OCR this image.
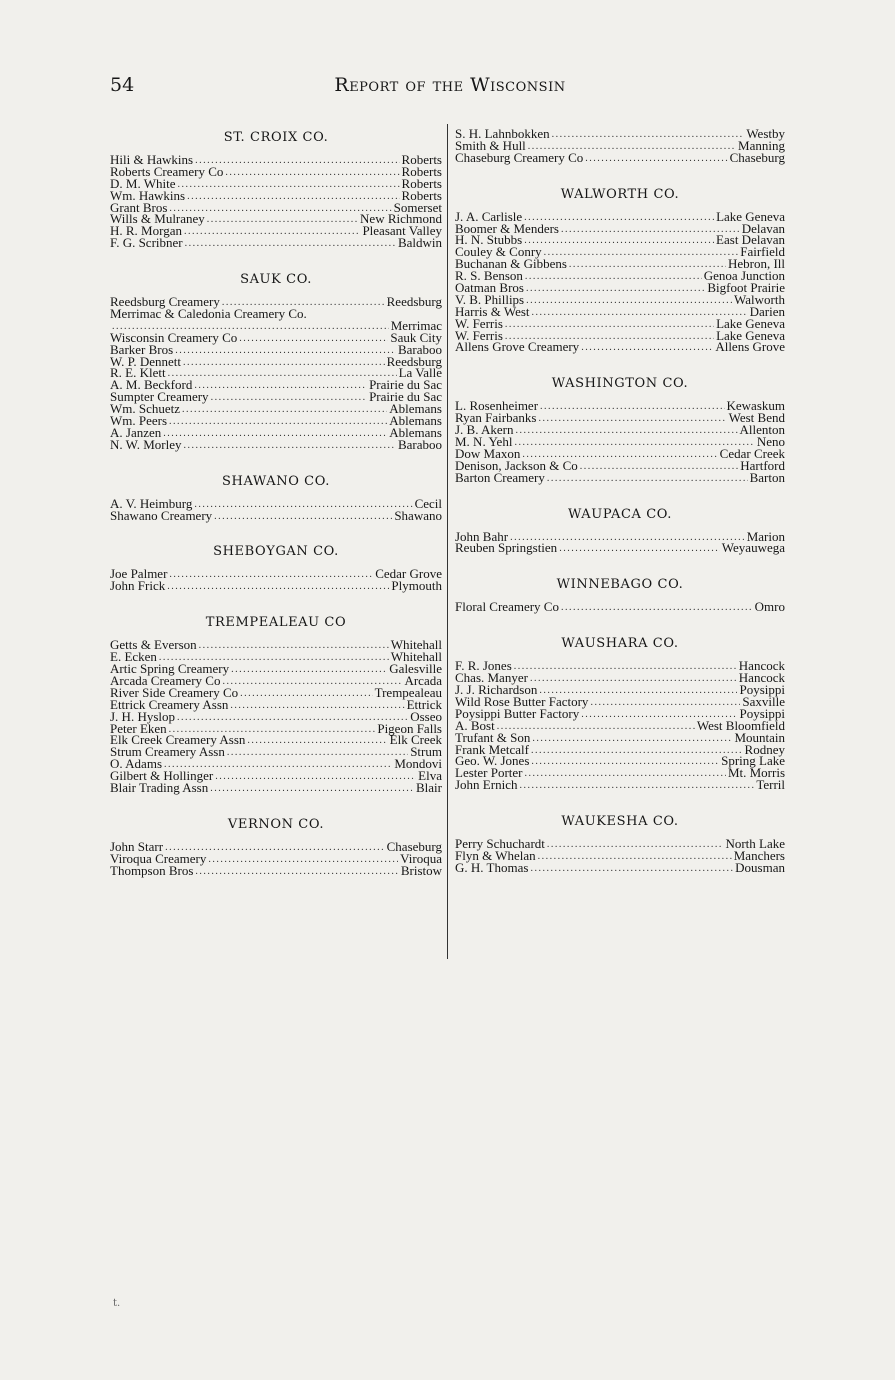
54	Report of the Wisconsin
ST. CROIX CO.
Hili & Hawkins .....	Roberts
Roberts Creamery Co .....	Roberts
D. M. White .....	Roberts
Wm. Hawkins .....	Roberts
Grant Bros .....	Somerset
Wills & Mulraney .....	New Richmond
H. R. Morgan .....	Pleasant Valley
F. G. Scribner .....	Baldwin
SAUK CO.
Reedsburg Creamery .....	Reedsburg
Merrimac & Caledonia Creamery Co.
.....
Merrimac
Wisconsin Creamery Co .....	Sauk City
Barker Bros .....	Baraboo
W. P. Dennett .....	Reedsburg
R. E. Klett .....	La Valle
A. M. Beckford .....	Prairie du Sac
Sumpter Creamery .....	Prairie du Sac
Wm. Schuetz .....	Ablemans
Wm. Peers .....	Ablemans
A. Janzen .....	Ablemans
N. W. Morley .....	Baraboo
SHAWANO CO.
A. V. Heimburg .....	Cecil
Shawano Creamery .....	Shawano
SHEBOYGAN CO.
Joe Palmer .....	Cedar Grove
John Frick .....	Plymouth
TREMPEALEAU CO
Getts & Everson .....	Whitehall
E. Ecken .....	Whitehall
Artic Spring Creamery .....	Galesville
Arcada Creamery Co .....	Arcada
River Side Creamery Co .....	Trempealeau
Ettrick Creamery Assn .....	Ettrick
J. H. Hyslop .....	Osseo
Peter Eken .....	Pigeon Falls
Elk Creek Creamery Assn .....	Elk Creek
Strum Creamery Assn .....	Strum
O. Adams .....	Mondovi
Gilbert & Hollinger .....	Elva
Blair Trading Assn .....	Blair
VERNON CO.
John Starr .....	Chaseburg
Viroqua Creamery .....	Viroqua
Thompson Bros .....	Bristow
S. H. Lahnbokken .....	Westby
Smith & Hull .....	Manning
Chaseburg Creamery Co .....	Chaseburg
WALWORTH CO.
J. A. Carlisle .....	Lake Geneva
Boomer & Menders .....	Delavan
H. N. Stubbs .....	East Delavan
Couley & Conry .....	Fairfield
Buchanan & Gibbens .....	Hebron, Ill
R. S. Benson .....	Genoa Junction
Oatman Bros .....	Bigfoot Prairie
V. B. Phillips .....	Walworth
Harris & West .....	Darien
W. Ferris .....	Lake Geneva
W. Ferris .....	Lake Geneva
Allens Grove Creamery .....	Allens Grove
WASHINGTON CO.
L. Rosenheimer .....	Kewaskum
Ryan Fairbanks .....	West Bend
J. B. Akern .....	Allenton
M. N. Yehl .....	Neno
Dow Maxon .....	Cedar Creek
Denison, Jackson & Co .....	Hartford
Barton Creamery .....	Barton
WAUPACA CO.
John Bahr .....	Marion
Reuben Springstien .....	Weyauwega
WINNEBAGO CO.
Floral Creamery Co .....	Omro
WAUSHARA CO.
F. R. Jones .....	Hancock
Chas. Manyer .....	Hancock
J. J. Richardson .....	Poysippi
Wild Rose Butter Factory .....	Saxville
Poysippi Butter Factory .....	Poysippi
A. Bost .....	West Bloomfield
Trufant & Son .....	Mountain
Frank Metcalf .....	Rodney
Geo. W. Jones .....	Spring Lake
Lester Porter .....	Mt. Morris
John Ernich .....	Terril
WAUKESHA CO.
Perry Schuchardt .....	North Lake
Flyn & Whelan .....	Manchers
G. H. Thomas .....	Dousman
t.
